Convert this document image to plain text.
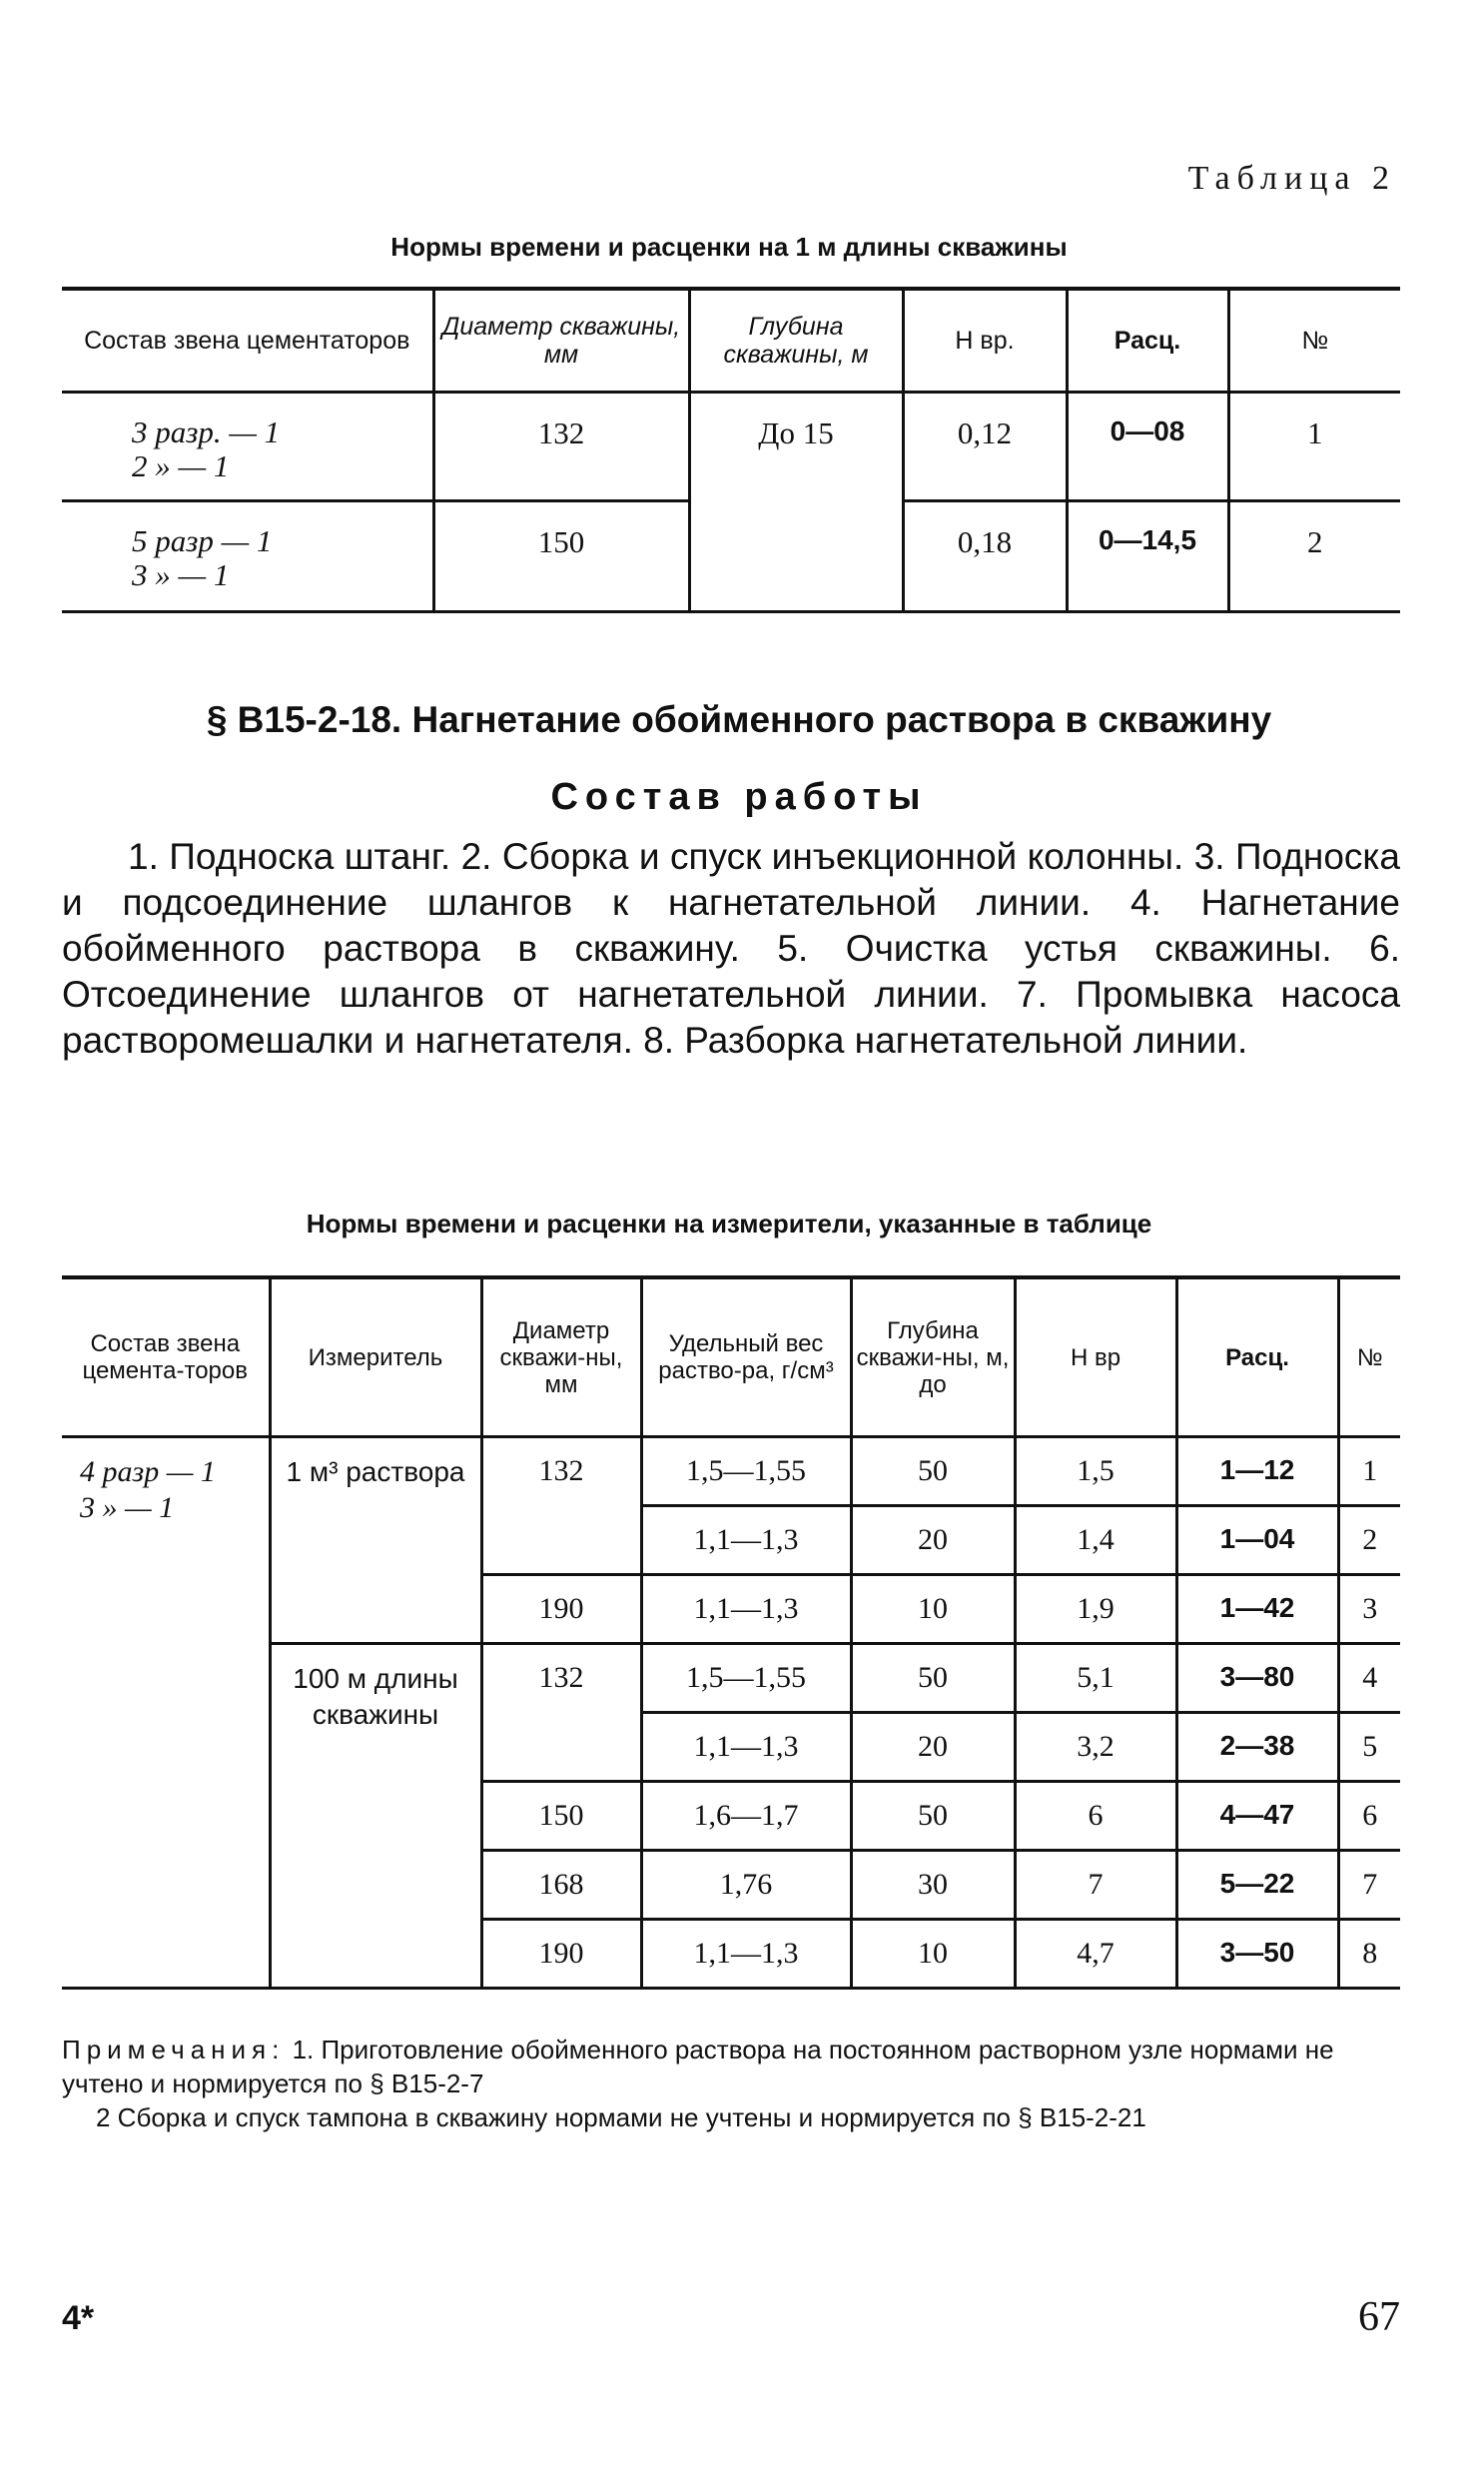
Таблица 2
Нормы времени и расценки на 1 м длины скважины
Состав звена цементаторов	Диаметр скважины, мм	Глубина скважины, м	Н вр.	Расц.	№

3 разр. — 1
2 » — 1	132	До 15	0,12	0—08	1

5 разр — 1
3 » — 1	150		0,18	0—14,5	2
§ В15-2-18. Нагнетание обойменного раствора в скважину
Состав работы
1. Подноска штанг. 2. Сборка и спуск инъекционной колонны. 3. Подноска и подсоединение шлангов к нагнетательной линии. 4. Нагнетание обойменного раствора в скважину. 5. Очистка устья скважины. 6. Отсоединение шлангов от нагнетательной линии. 7. Промывка насоса растворомешалки и нагнетателя. 8. Разборка нагнетательной линии.
Нормы времени и расценки на измерители, указанные в таблице
Состав звена цемента-торов	Измеритель	Диаметр скважи-ны, мм	Удельный вес раство-ра, г/см³	Глубина скважи-ны, м, до	Н вр	Расц.	№

4 разр — 1
3 » — 1	1 м³ раствора	132	1,5—1,55	50	1,5	1—12	1
			1,1—1,3	20	1,4	1—04	2
		190	1,1—1,3	10	1,9	1—42	3
	100 м длины скважины	132	1,5—1,55	50	5,1	3—80	4
			1,1—1,3	20	3,2	2—38	5
		150	1,6—1,7	50	6	4—47	6
		168	1,76	30	7	5—22	7
		190	1,1—1,3	10	4,7	3—50	8

Примечания: 1. Приготовление обойменного раствора на постоянном растворном узле нормами не учтено и нормируется по § В15-2-7

2 Сборка и спуск тампона в скважину нормами не учтены и нормируется по § В15-2-21

4*	67
